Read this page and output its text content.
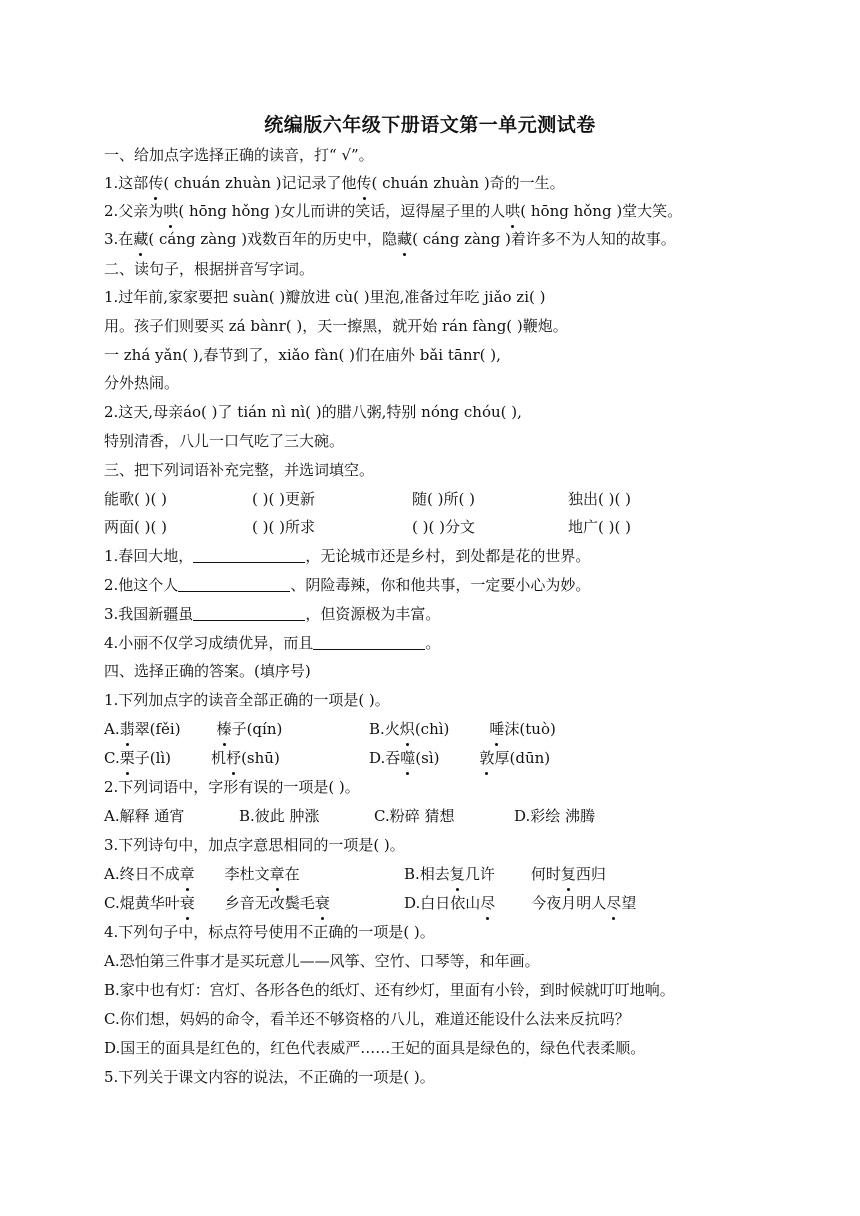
统编版六年级下册语文第一单元测试卷
一、给加点字选择正确的读音，打“ √”。
1.这部传( chuán zhuàn )记记录了他传( chuán zhuàn )奇的一生。
2.父亲为哄( hōng hǒng )女儿而讲的笑话，逗得屋子里的人哄( hōng hǒng )堂大笑。
3.在藏( cáng zàng )戏数百年的历史中，隐藏( cáng zàng )着许多不为人知的故事。
二、读句子，根据拼音写字词。
1.过年前,家家要把 suàn( )瓣放进 cù( )里泡,准备过年吃 jiǎo zi( )
用。孩子们则要买 zá bànr( )，天一擦黑，就开始 rán fàng( )鞭炮。
一 zhá yǎn( ),春节到了，xiǎo fàn( )们在庙外 bǎi tānr( ),
分外热闹。
2.这天,母亲áo( )了 tián nì nì( )的腊八粥,特别 nóng chóu( ),
特别清香，八儿一口气吃了三大碗。
三、把下列词语补充完整，并选词填空。
能歌( )( )	( )( )更新	随( )所( )	独出( )( )
两面( )( )	( )( )所求	( )( )分文	地广( )( )
1.春回大地，	，无论城市还是乡村，到处都是花的世界。
2.他这个人	、阴险毒辣，你和他共事，一定要小心为妙。
3.我国新疆虽	，但资源极为丰富。
4.小丽不仅学习成绩优异，而且	。
四、选择正确的答案。(填序号)
1.下列加点字的读音全部正确的一项是( )。
A.翡翠(fěi) 榛子(qín)	B.火炽(chì)	唾沫(tuò)
C.栗子(lì)	机杼(shū)	D.吞噬(sì)	敦厚(dūn)
2.下列词语中，字形有误的一项是( )。
A.解释 通宵	B.彼此 肿涨	C.粉碎 猜想	D.彩绘 沸腾
3.下列诗句中，加点字意思相同的一项是( )。
A.终日不成章 李杜文章在	B.相去复几许 何时复西归
C.焜黄华叶衰 乡音无改鬓毛衰	D.白日依山尽 今夜月明人尽望
4.下列句子中，标点符号使用不正确的一项是( )。
A.恐怕第三件事才是买玩意儿——风筝、空竹、口琴等，和年画。
B.家中也有灯：宫灯、各形各色的纸灯、还有纱灯，里面有小铃，到时候就叮叮地响。
C.你们想，妈妈的命令，看羊还不够资格的八儿，难道还能设什么法来反抗吗？
D.国王的面具是红色的，红色代表威严……王妃的面具是绿色的，绿色代表柔顺。
5.下列关于课文内容的说法，不正确的一项是( )。
